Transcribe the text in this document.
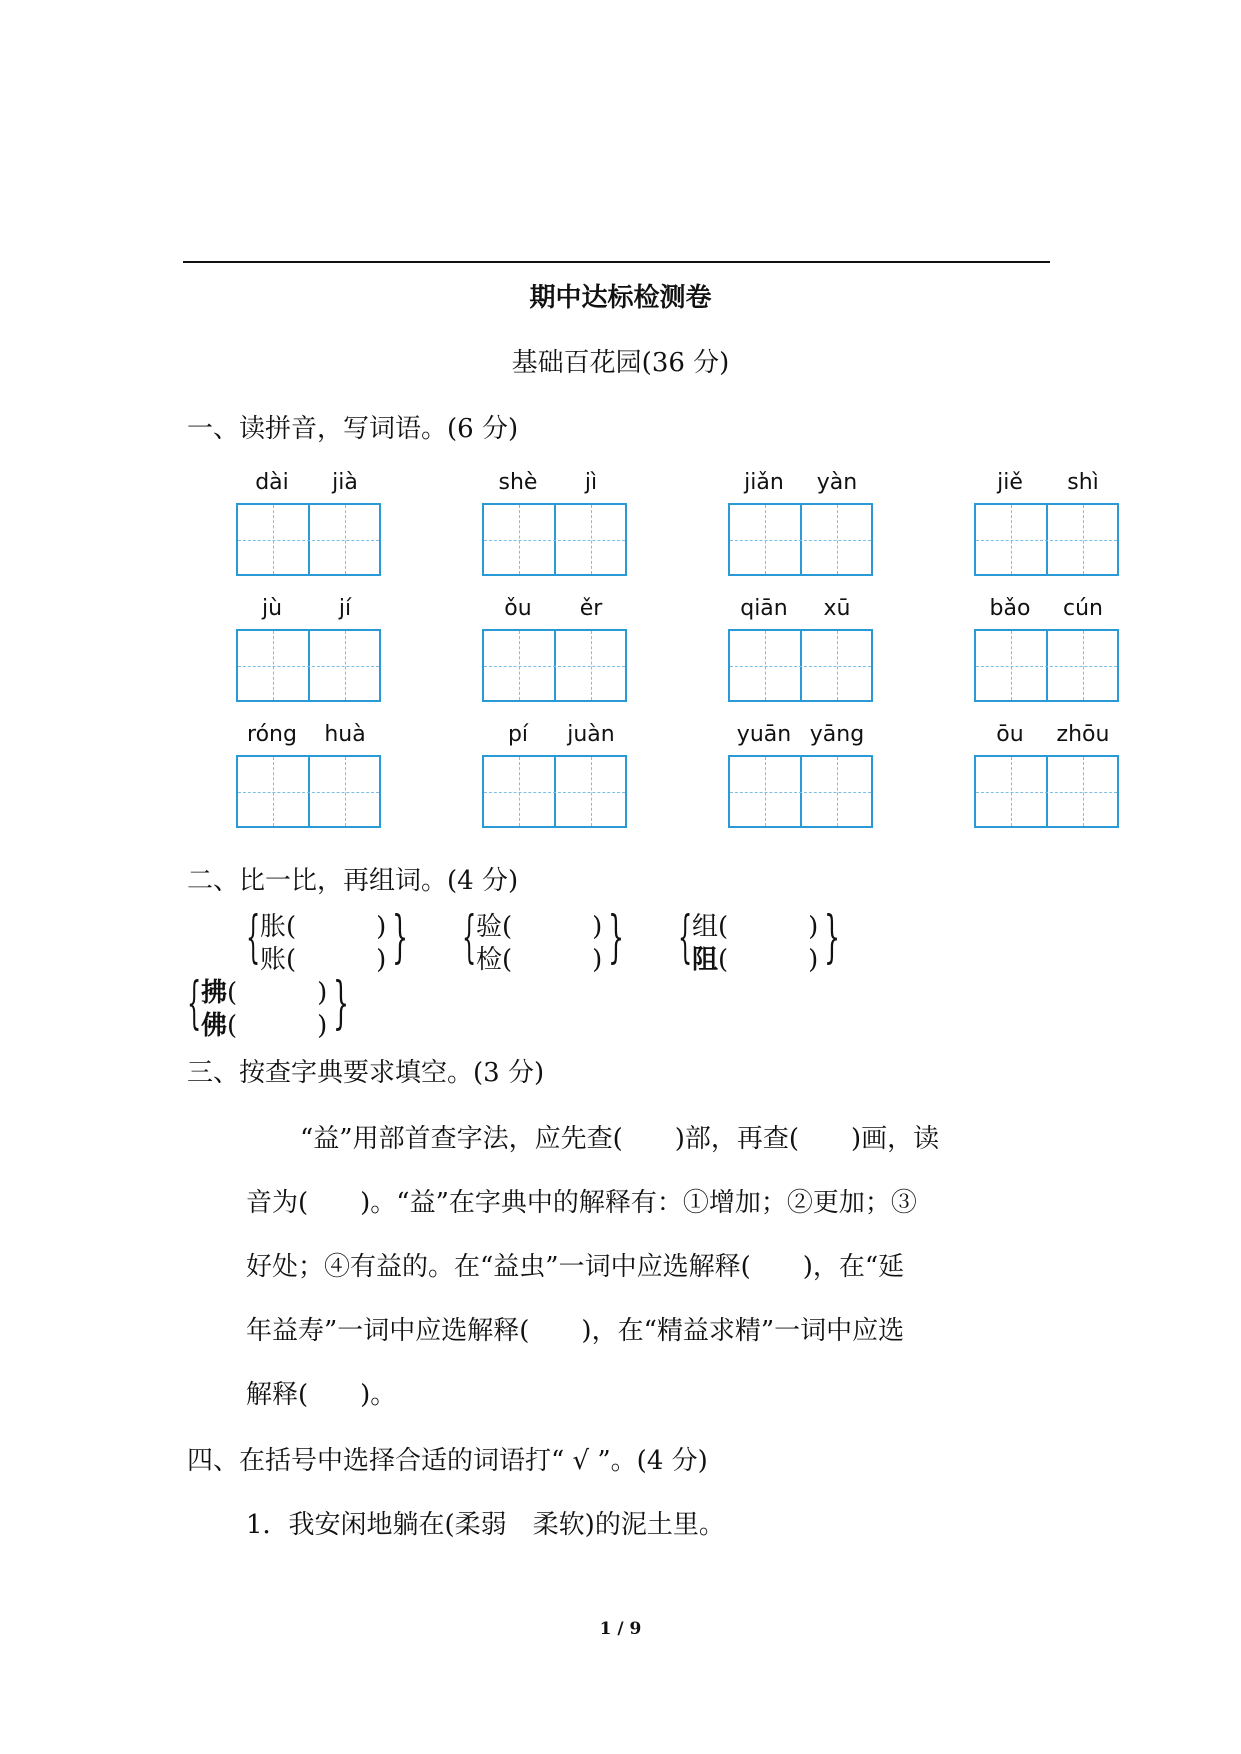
期中达标检测卷
基础百花园(36 分)
一、读拼音，写词语。(6 分)
dài	jià	shè	jì	jiǎn	yàn	jiě	shì
jù	jí	ǒu	ěr	qiān	xū	bǎo	cún
róng	huà	pí	juàn	yuān yāng	ōu	zhōu
二、比一比，再组词。(4 分)
{ 胀(	)
账(	) } { 验(	)
检(	) } { 组(	)
阻(	) }
{ 拂(	)
佛(	) }
三、按查字典要求填空。(3 分)
“益”用部首查字法，应先查(　　)部，再查(　　)画，读
音为(　　)。“益”在字典中的解释有：①增加；②更加；③
好处；④有益的。在“益虫”一词中应选解释(　　)，在“延
年益寿”一词中应选解释(　　)，在“精益求精”一词中应选
解释(　　)。
四、在括号中选择合适的词语打“ √ ”。(4 分)
1．我安闲地躺在(柔弱　柔软)的泥土里。
1 / 9
